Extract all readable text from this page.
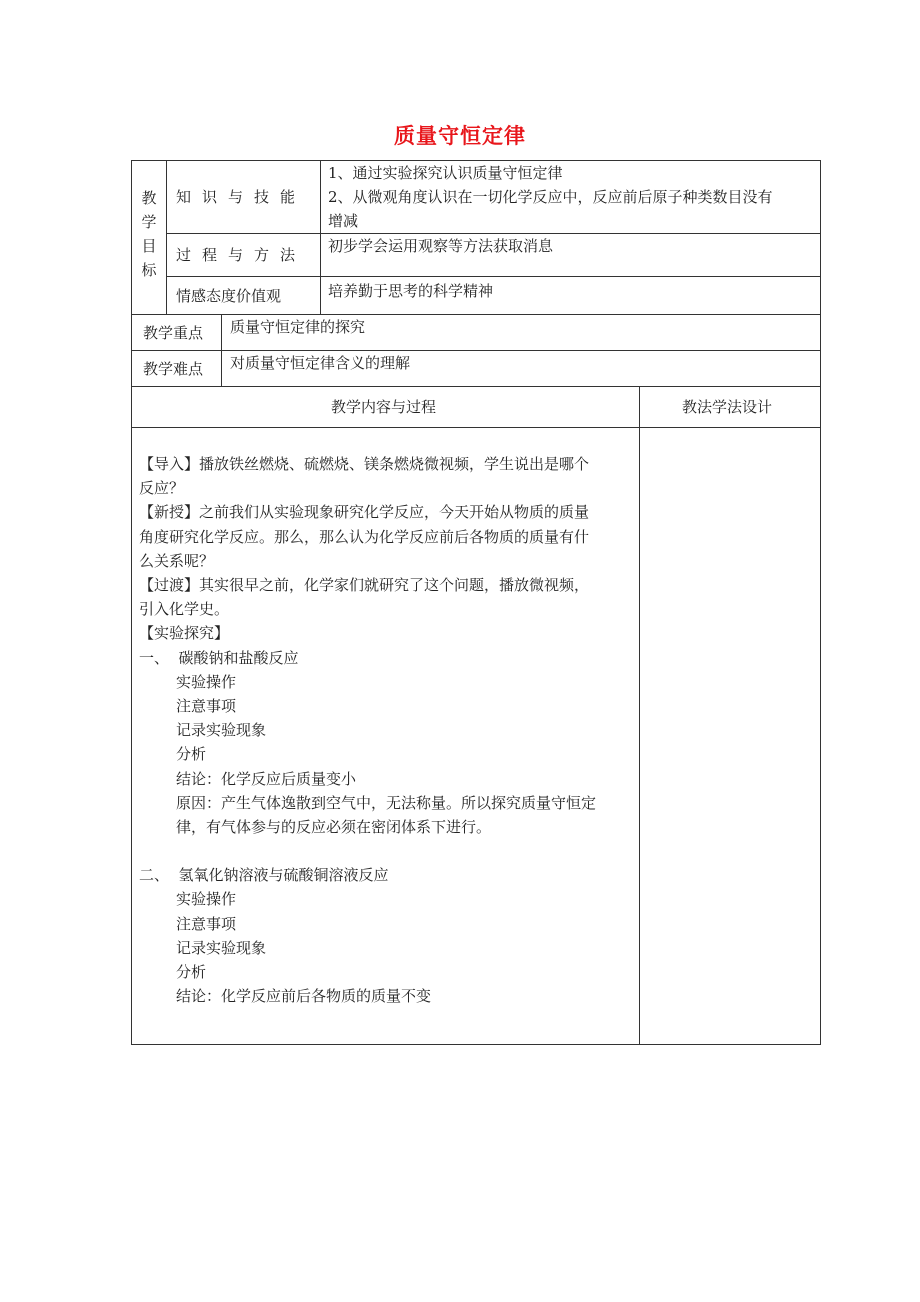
质量守恒定律
教
学
目
标
知识与技能
1、通过实验探究认识质量守恒定律
2、从微观角度认识在一切化学反应中，反应前后原子种类数目没有
增减
过程与方法 初步学会运用观察等方法获取消息
情感态度价值观	培养勤于思考的科学精神
教学重点 质量守恒定律的探究
教学难点 对质量守恒定律含义的理解
教学内容与过程	教法学法设计

【导入】播放铁丝燃烧、硫燃烧、镁条燃烧微视频，学生说出是哪个

反应？

【新授】之前我们从实验现象研究化学反应，今天开始从物质的质量

角度研究化学反应。那么，那么认为化学反应前后各物质的质量有什

么关系呢？

【过渡】其实很早之前，化学家们就研究了这个问题，播放微视频，

引入化学史。

【实验探究】

一、  碳酸钠和盐酸反应

实验操作

注意事项

记录实验现象

分析

结论：化学反应后质量变小

原因：产生气体逸散到空气中，无法称量。所以探究质量守恒定

律，有气体参与的反应必须在密闭体系下进行。

二、  氢氧化钠溶液与硫酸铜溶液反应

实验操作

注意事项

记录实验现象

分析

结论：化学反应前后各物质的质量不变
